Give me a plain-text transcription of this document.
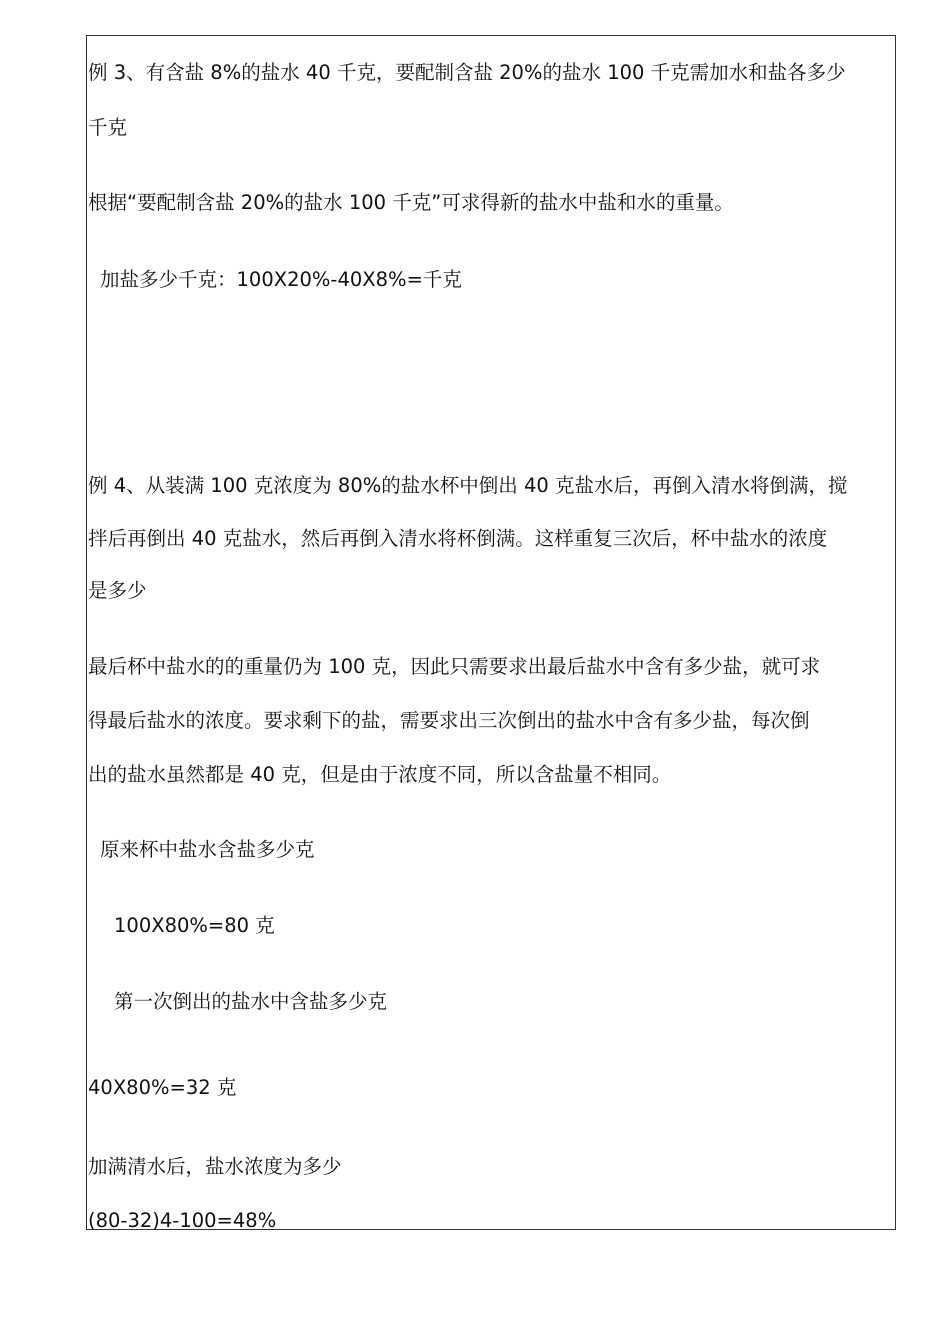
例 3、有含盐 8%的盐水 40 千克，要配制含盐 20%的盐水 100 千克需加水和盐各多少

千克

根据“要配制含盐 20%的盐水 100 千克”可求得新的盐水中盐和水的重量。

加盐多少千克：100X20%-40X8%=千克

例 4、从装满 100 克浓度为 80%的盐水杯中倒出 40 克盐水后，再倒入清水将倒满，搅

拌后再倒出 40 克盐水，然后再倒入清水将杯倒满。这样重复三次后，杯中盐水的浓度

是多少

最后杯中盐水的的重量仍为 100 克，因此只需要求出最后盐水中含有多少盐，就可求

得最后盐水的浓度。要求剩下的盐，需要求出三次倒出的盐水中含有多少盐，每次倒

出的盐水虽然都是 40 克，但是由于浓度不同，所以含盐量不相同。

原来杯中盐水含盐多少克

100X80%=80 克

第一次倒出的盐水中含盐多少克

40X80%=32 克

加满清水后，盐水浓度为多少

(80-32)4-100=48%
